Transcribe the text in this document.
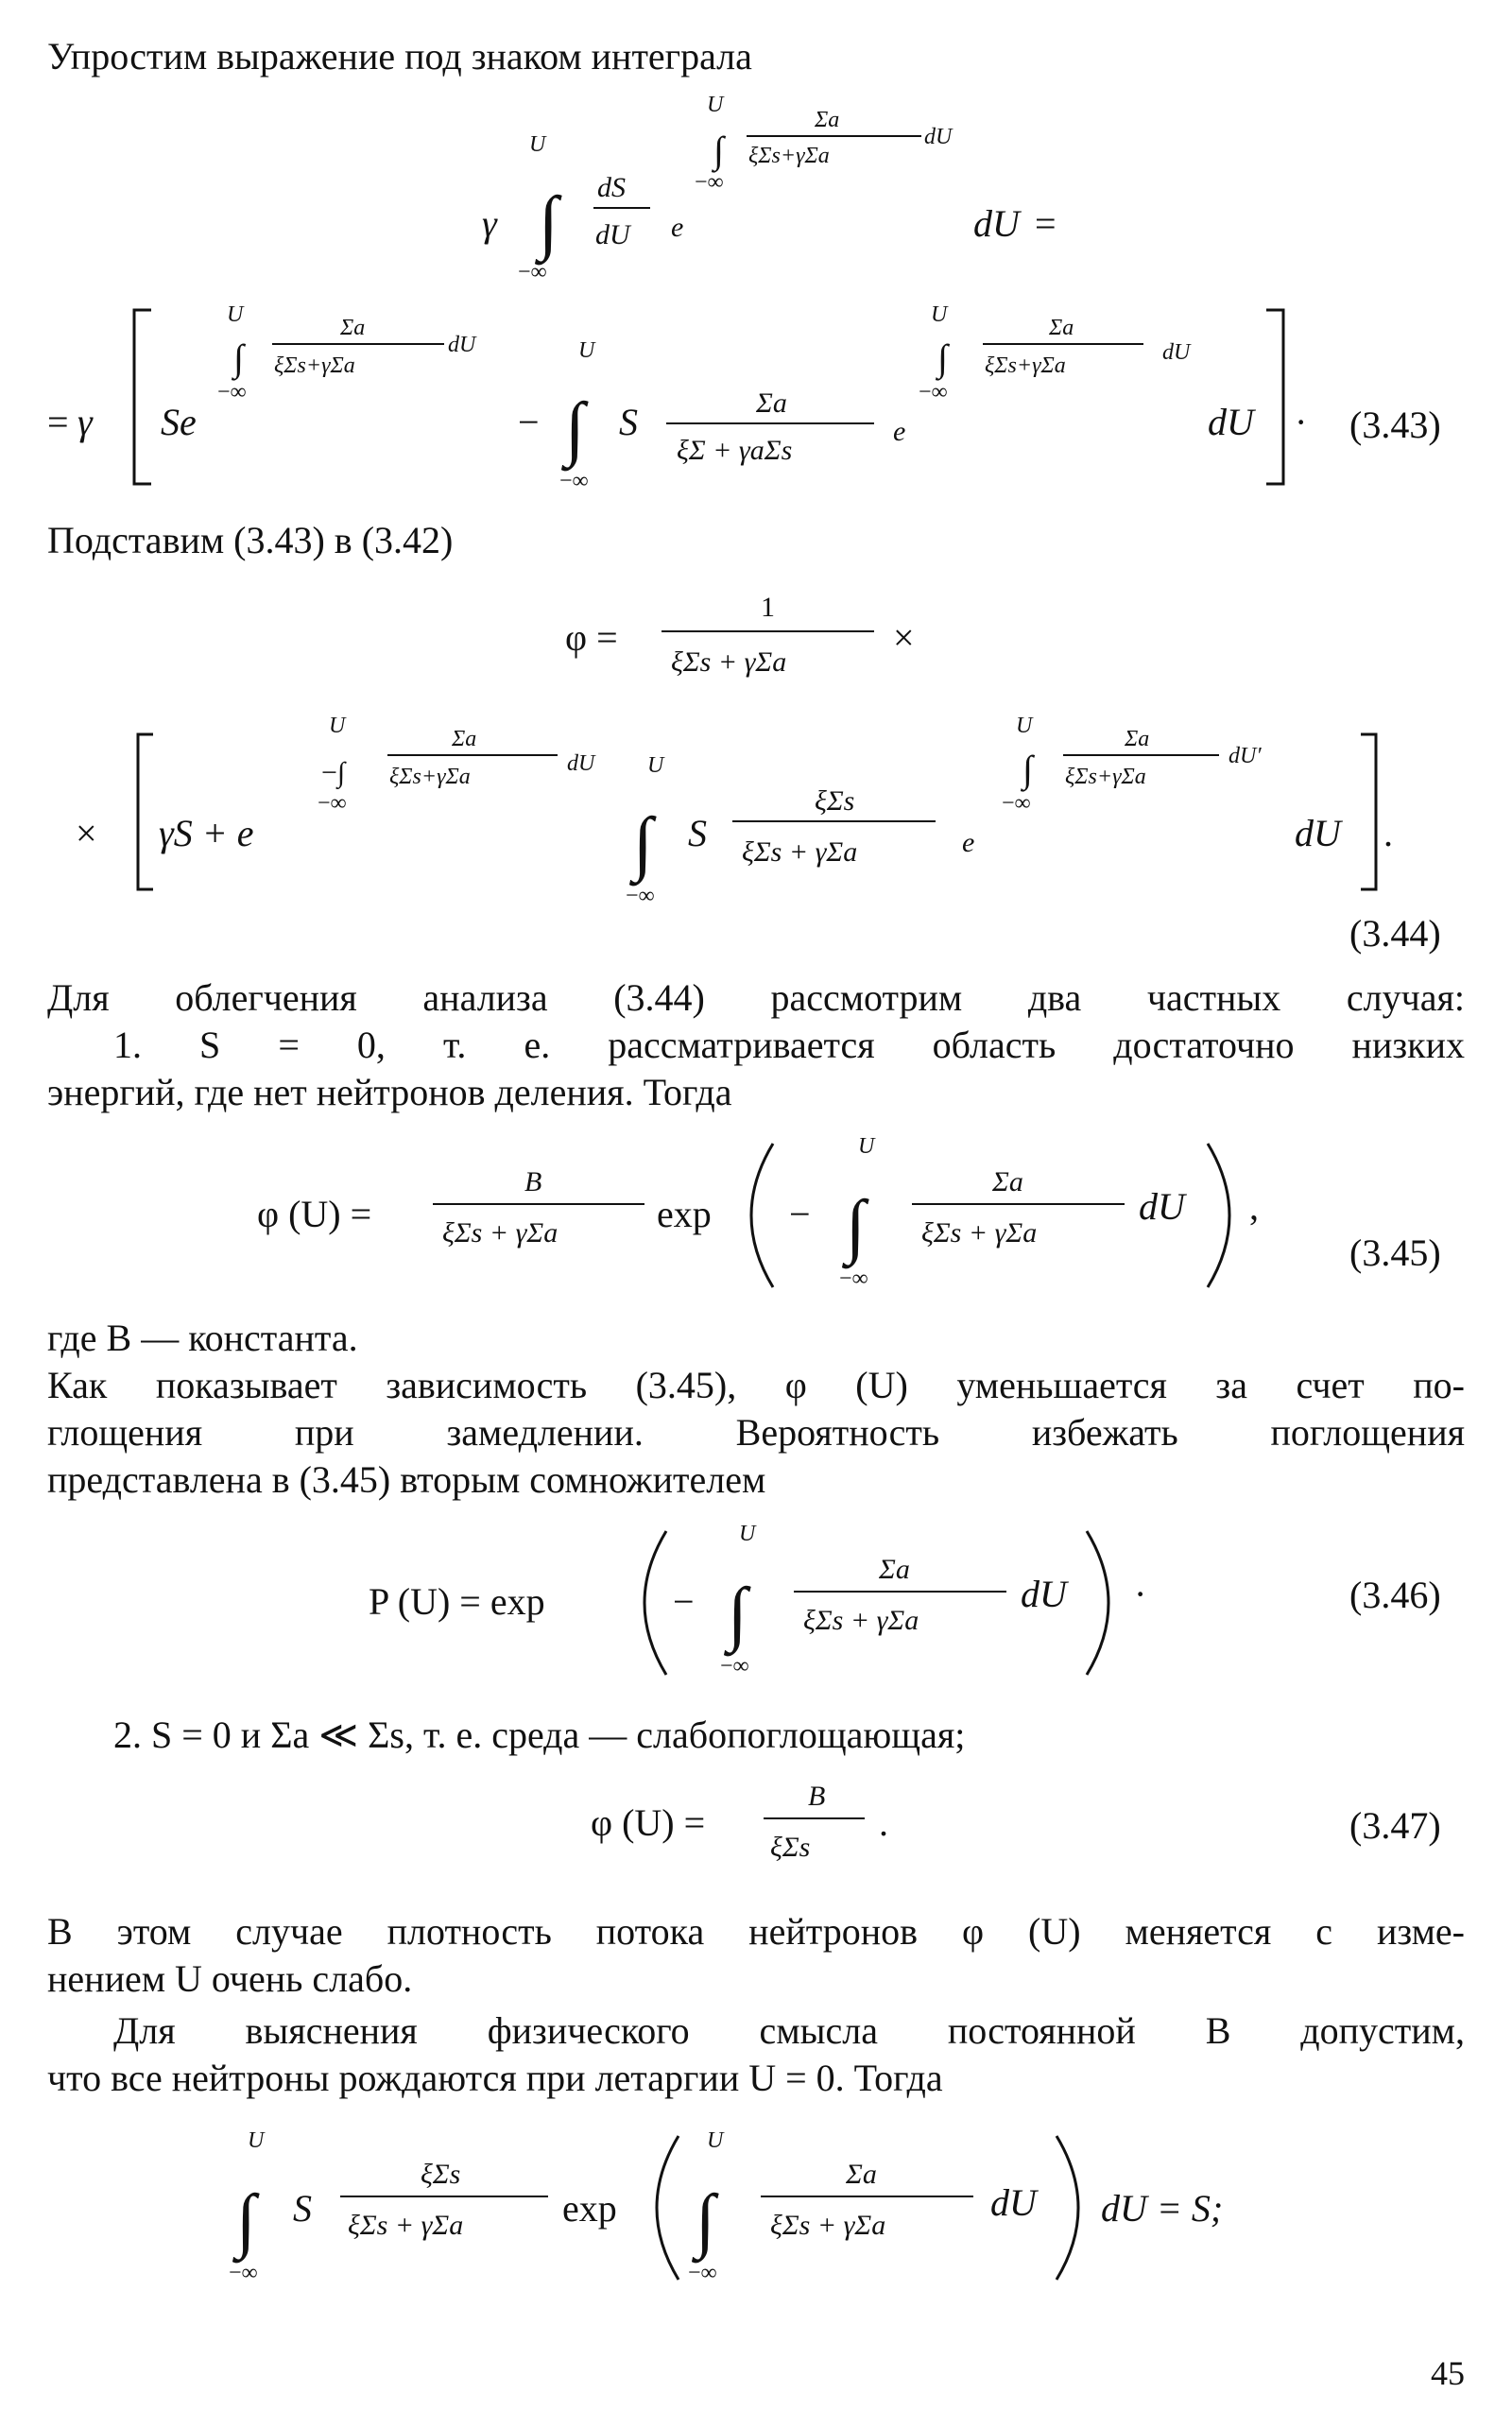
Упростим выражение под знаком интеграла
γ
U
∫
−∞
dS
dU e
U
∫
−∞
Σa
ξΣs+γΣa
dU
dU =
= γ Se
U
∫
−∞
Σa
ξΣs+γΣa
dU
−
U
∫
−∞
S	Σa
ξΣ + γaΣs
e
U
∫
−∞
Σa
ξΣs+γΣa
dU
dU · (3.43)
Подставим (3.43) в (3.42)
φ =
1
ξΣs + γΣa
×
× γS + e
U
−∫
−∞
Σa
ξΣs+γΣa
dU U
∫
−∞
S
ξΣs
ξΣs + γΣa	e
U
∫
−∞
Σa
ξΣs+γΣa
dU′
dU .
(3.44)
Для облегчения анализа (3.44) рассмотрим два частных случая:
1. S = 0, т. е. рассматривается область достаточно низких
энергий, где нет нейтронов деления. Тогда
φ (U) =
B
ξΣs + γΣa	exp −
U
∫
−∞
Σa
ξΣs + γΣa
dU ,
(3.45)
где B — константа.
Как показывает зависимость (3.45), φ (U) уменьшается за счет по-
глощения при замедлении. Вероятность избежать поглощения
представлена в (3.45) вторым сомножителем
P (U) = exp	−
U
∫
−∞
Σa
ξΣs + γΣa
dU ·	(3.46)
2. S = 0 и Σa ≪ Σs, т. е. среда — слабопоглощающая;
φ (U) =
B
ξΣs
.	(3.47)
В этом случае плотность потока нейтронов φ (U) меняется с изме-
нением U очень слабо.
Для выяснения физического смысла постоянной B допустим,
что все нейтроны рождаются при летаргии U = 0. Тогда
U
∫
−∞
S
ξΣs
ξΣs + γΣa	exp
U
∫
−∞
Σa
ξΣs + γΣa
dU dU = S;
45
